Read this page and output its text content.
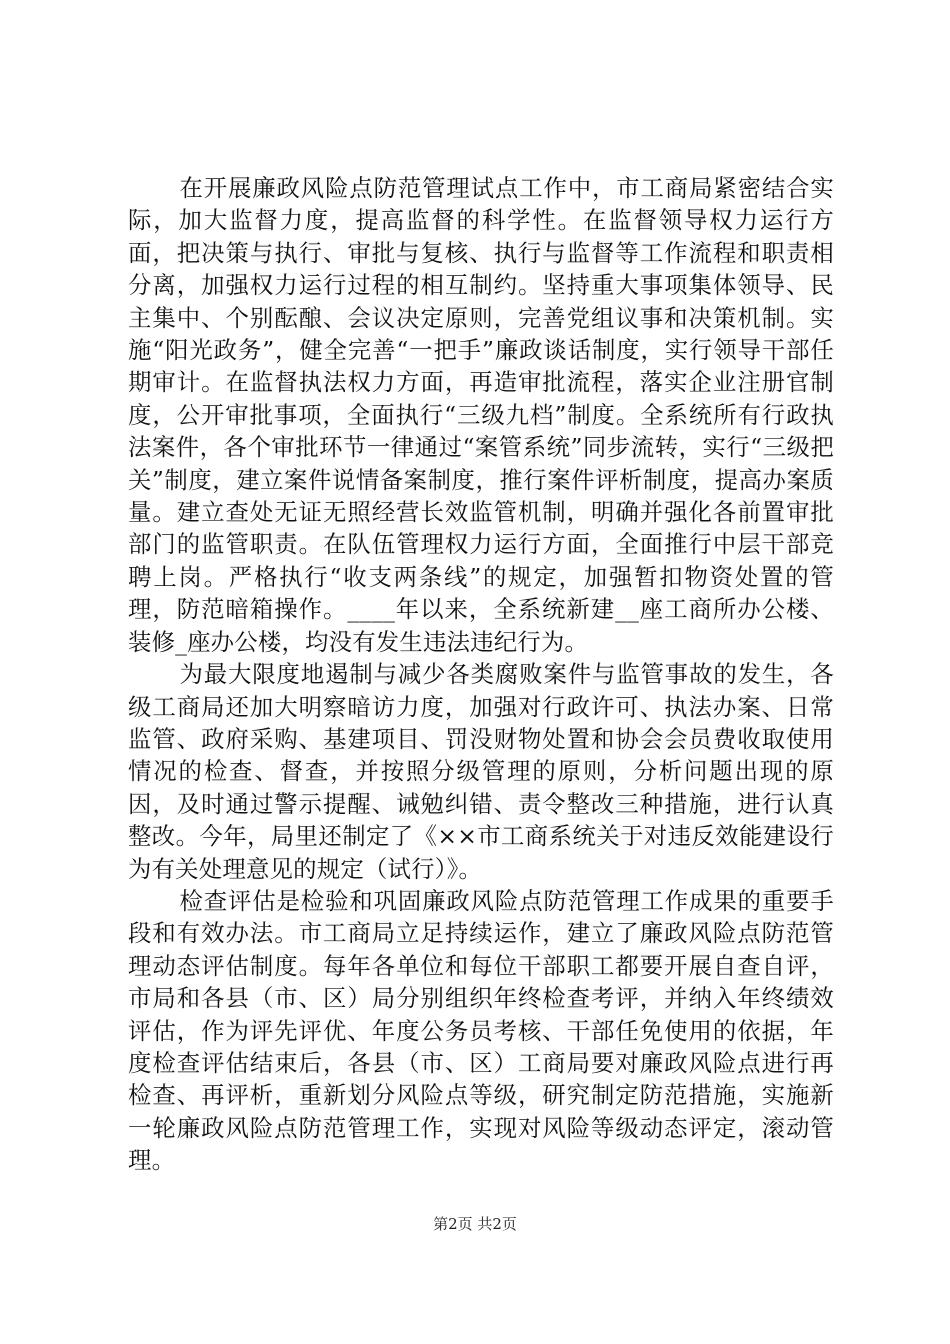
在开展廉政风险点防范管理试点工作中，市工商局紧密结合实际，加大监督力度，提高监督的科学性。在监督领导权力运行方面，把决策与执行、审批与复核、执行与监督等工作流程和职责相分离，加强权力运行过程的相互制约。坚持重大事项集体领导、民主集中、个别酝酿、会议决定原则，完善党组议事和决策机制。实施“阳光政务”，健全完善“一把手”廉政谈话制度，实行领导干部任期审计。在监督执法权力方面，再造审批流程，落实企业注册官制度，公开审批事项，全面执行“三级九档”制度。全系统所有行政执法案件，各个审批环节一律通过“案管系统”同步流转，实行“三级把关”制度，建立案件说情备案制度，推行案件评析制度，提高办案质量。建立查处无证无照经营长效监管机制，明确并强化各前置审批部门的监管职责。在队伍管理权力运行方面，全面推行中层干部竞聘上岗。严格执行“收支两条线”的规定，加强暂扣物资处置的管理，防范暗箱操作。____年以来，全系统新建__座工商所办公楼、装修_座办公楼，均没有发生违法违纪行为。

为最大限度地遏制与减少各类腐败案件与监管事故的发生，各级工商局还加大明察暗访力度，加强对行政许可、执法办案、日常监管、政府采购、基建项目、罚没财物处置和协会会员费收取使用情况的检查、督查，并按照分级管理的原则，分析问题出现的原因，及时通过警示提醒、诫勉纠错、责令整改三种措施，进行认真整改。今年，局里还制定了《××市工商系统关于对违反效能建设行为有关处理意见的规定（试行）》。

检查评估是检验和巩固廉政风险点防范管理工作成果的重要手段和有效办法。市工商局立足持续运作，建立了廉政风险点防范管理动态评估制度。每年各单位和每位干部职工都要开展自查自评，市局和各县（市、区）局分别组织年终检查考评，并纳入年终绩效评估，作为评先评优、年度公务员考核、干部任免使用的依据，年度检查评估结束后，各县（市、区）工商局要对廉政风险点进行再检查、再评析，重新划分风险点等级，研究制定防范措施，实施新一轮廉政风险点防范管理工作，实现对风险等级动态评定，滚动管理。

第2页 共2页
